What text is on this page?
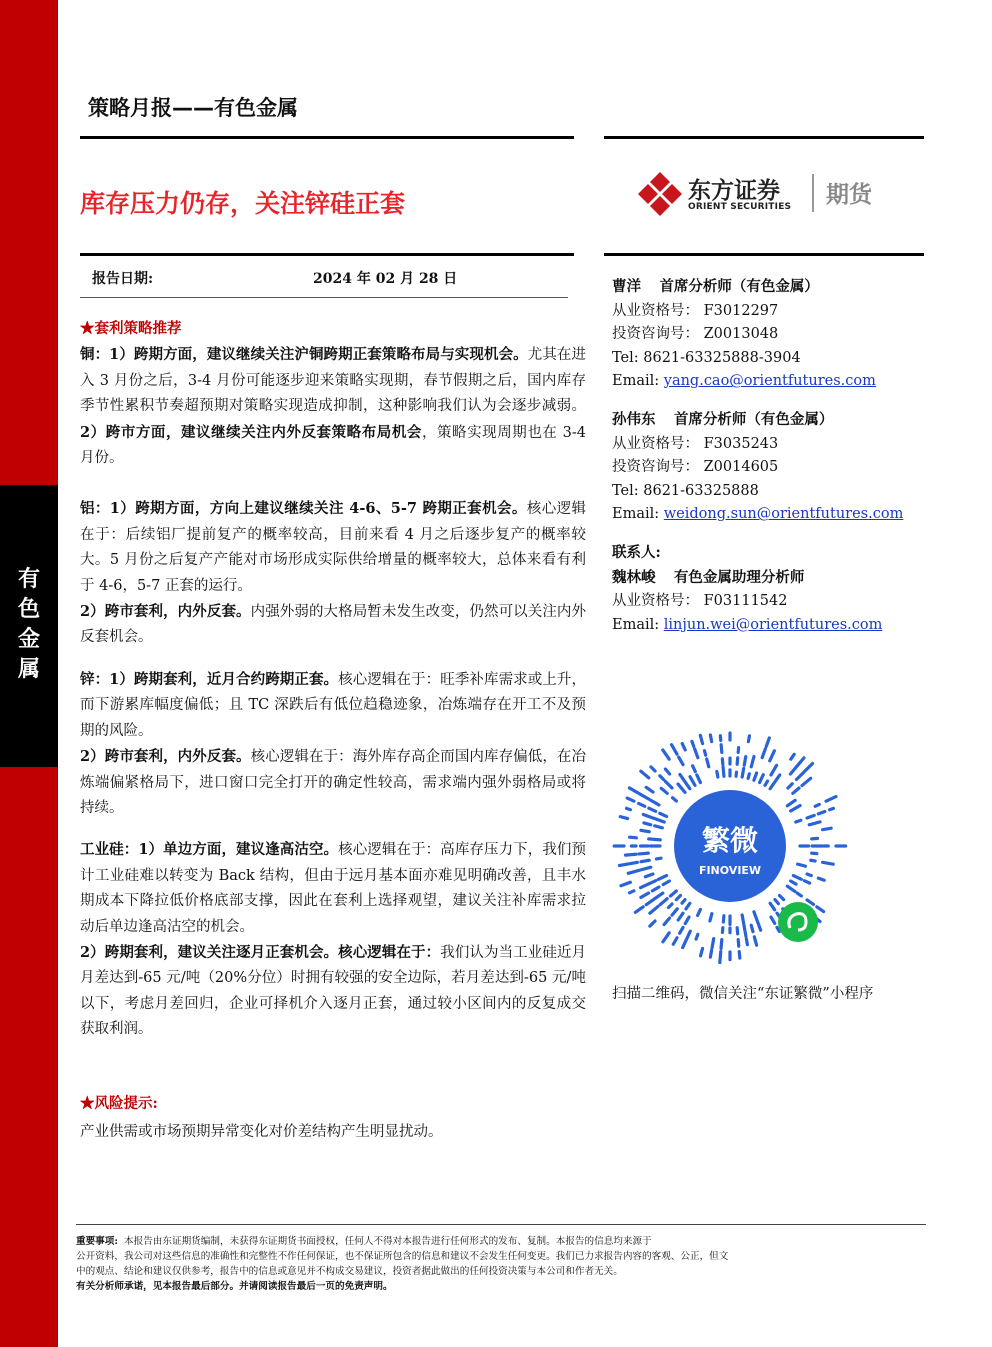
有
色
金
属
策略月报——有色金属
库存压力仍存，关注锌硅正套	东方证券
ORIENT SECURITIES 期货
报告日期:	2024 年 02 月 28 日

★套利策略推荐

铜：1）跨期方面，建议继续关注沪铜跨期正套策略布局与实现机会。尤其在进入 3 月份之后，3-4 月份可能逐步迎来策略实现期，春节假期之后，国内库存季节性累积节奏超预期对策略实现造成抑制，这种影响我们认为会逐步减弱。2）跨市方面，建议继续关注内外反套策略布局机会，策略实现周期也在 3-4 月份。

铝：1）跨期方面，方向上建议继续关注 4-6、5-7 跨期正套机会。核心逻辑在于：后续铝厂提前复产的概率较高，目前来看 4 月之后逐步复产的概率较大。5 月份之后复产产能对市场形成实际供给增量的概率较大，总体来看有利于 4-6，5-7 正套的运行。

2）跨市套利，内外反套。内强外弱的大格局暂未发生改变，仍然可以关注内外反套机会。

锌：1）跨期套利，近月合约跨期正套。核心逻辑在于：旺季补库需求或上升，而下游累库幅度偏低；且 TC 深跌后有低位趋稳迹象，冶炼端存在开工不及预期的风险。

2）跨市套利，内外反套。核心逻辑在于：海外库存高企而国内库存偏低，在冶炼端偏紧格局下，进口窗口完全打开的确定性较高，需求端内强外弱格局或将持续。

工业硅：1）单边方面，建议逢高沽空。核心逻辑在于：高库存压力下，我们预计工业硅难以转变为 Back 结构，但由于远月基本面亦难见明确改善，且丰水期成本下降拉低价格底部支撑，因此在套利上选择观望，建议关注补库需求拉动后单边逢高沽空的机会。

2）跨期套利，建议关注逐月正套机会。核心逻辑在于：我们认为当工业硅近月月差达到-65 元/吨（20%分位）时拥有较强的安全边际，若月差达到-65 元/吨以下，考虑月差回归，企业可择机介入逐月正套，通过较小区间内的反复成交获取利润。

曹洋 首席分析师（有色金属）

从业资格号： F3012297

投资咨询号： Z0013048

Tel: 8621-63325888-3904

Email: yang.cao@orientfutures.com

孙伟东 首席分析师（有色金属）

从业资格号： F3035243

投资咨询号： Z0014605

Tel: 8621-63325888

Email: weidong.sun@orientfutures.com

联系人:

魏林峻 有色金属助理分析师

从业资格号： F03111542

Email: linjun.wei@orientfutures.com

繁微
FINOVIEW
扫描二维码，微信关注“东证繁微”小程序

★风险提示:

产业供需或市场预期异常变化对价差结构产生明显扰动。

重要事项: 本报告由东证期货编制，未获得东证期货书面授权，任何人不得对本报告进行任何形式的发布、复制。本报告的信息均来源于

公开资料，我公司对这些信息的准确性和完整性不作任何保证，也不保证所包含的信息和建议不会发生任何变更。我们已力求报告内容的客观、公正，但文

中的观点、结论和建议仅供参考，报告中的信息或意见并不构成交易建议，投资者据此做出的任何投资决策与本公司和作者无关。

有关分析师承诺，见本报告最后部分。并请阅读报告最后一页的免责声明。
